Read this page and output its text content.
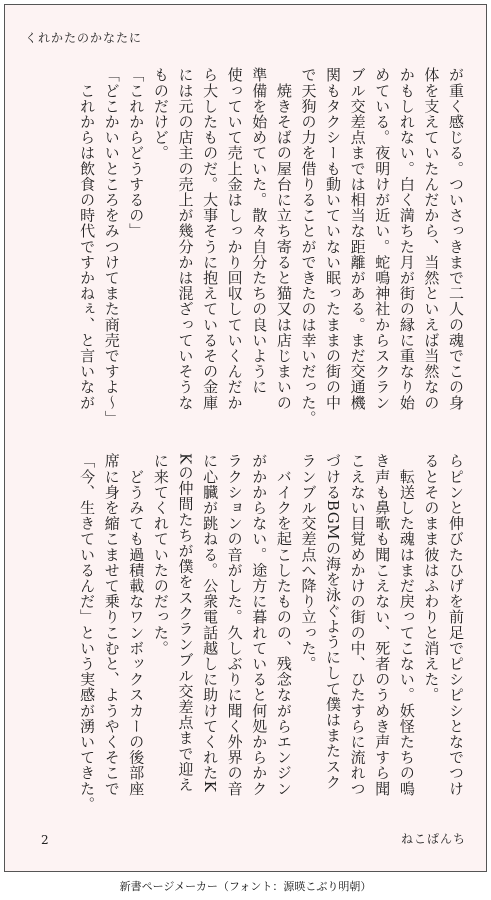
くれかたのかなたに
が重く感じる。ついさっきまで二人の魂でこの身
体を支えていたんだから、当然といえば当然なの
かもしれない。白く満ちた月が街の縁に重なり始
めている。夜明けが近い。蛇鳴神社からスクラン
ブル交差点までは相当な距離がある。まだ交通機
関もタクシーも動いていない眠ったままの街の中
で天狗の力を借りることができたのは幸いだった。
　焼きそばの屋台に立ち寄ると猫又は店じまいの
準備を始めていた。散々自分たちの良いように
使っていて売上金はしっかり回収していくんだか
ら大したものだ。大事そうに抱えているその金庫
には元の店主の売上が幾分かは混ざっていそうな
ものだけど。
「これからどうするの」
「どこかいいところをみつけてまた商売ですよ〜」
　これからは飲食の時代ですかねぇ、と言いなが
らピンと伸びたひげを前足でピシピシとなでつけ
るとそのまま彼はふわりと消えた。
　転送した魂はまだ戻ってこない。妖怪たちの鳴
き声も鼻歌も聞こえない、死者のうめき声すら聞
こえない目覚めかけの街の中、ひたすらに流れつ
づけるBGMの海を泳ぐようにして僕はまたスク
ランブル交差点へ降り立った。
　バイクを起こしたものの、残念ながらエンジン
がかからない。途方に暮れていると何処からかク
ラクションの音がした。久しぶりに聞く外界の音
に心臓が跳ねる。公衆電話越しに助けてくれたK
Kの仲間たちが僕をスクランブル交差点まで迎え
に来てくれていたのだった。
　どうみても過積載なワンボックスカーの後部座
席に身を縮こませて乗りこむと、ようやくそこで
「今、生きているんだ」という実感が湧いてきた。
2	ねこぱんち
新書ページメーカー（フォント：源暎こぶり明朝）
